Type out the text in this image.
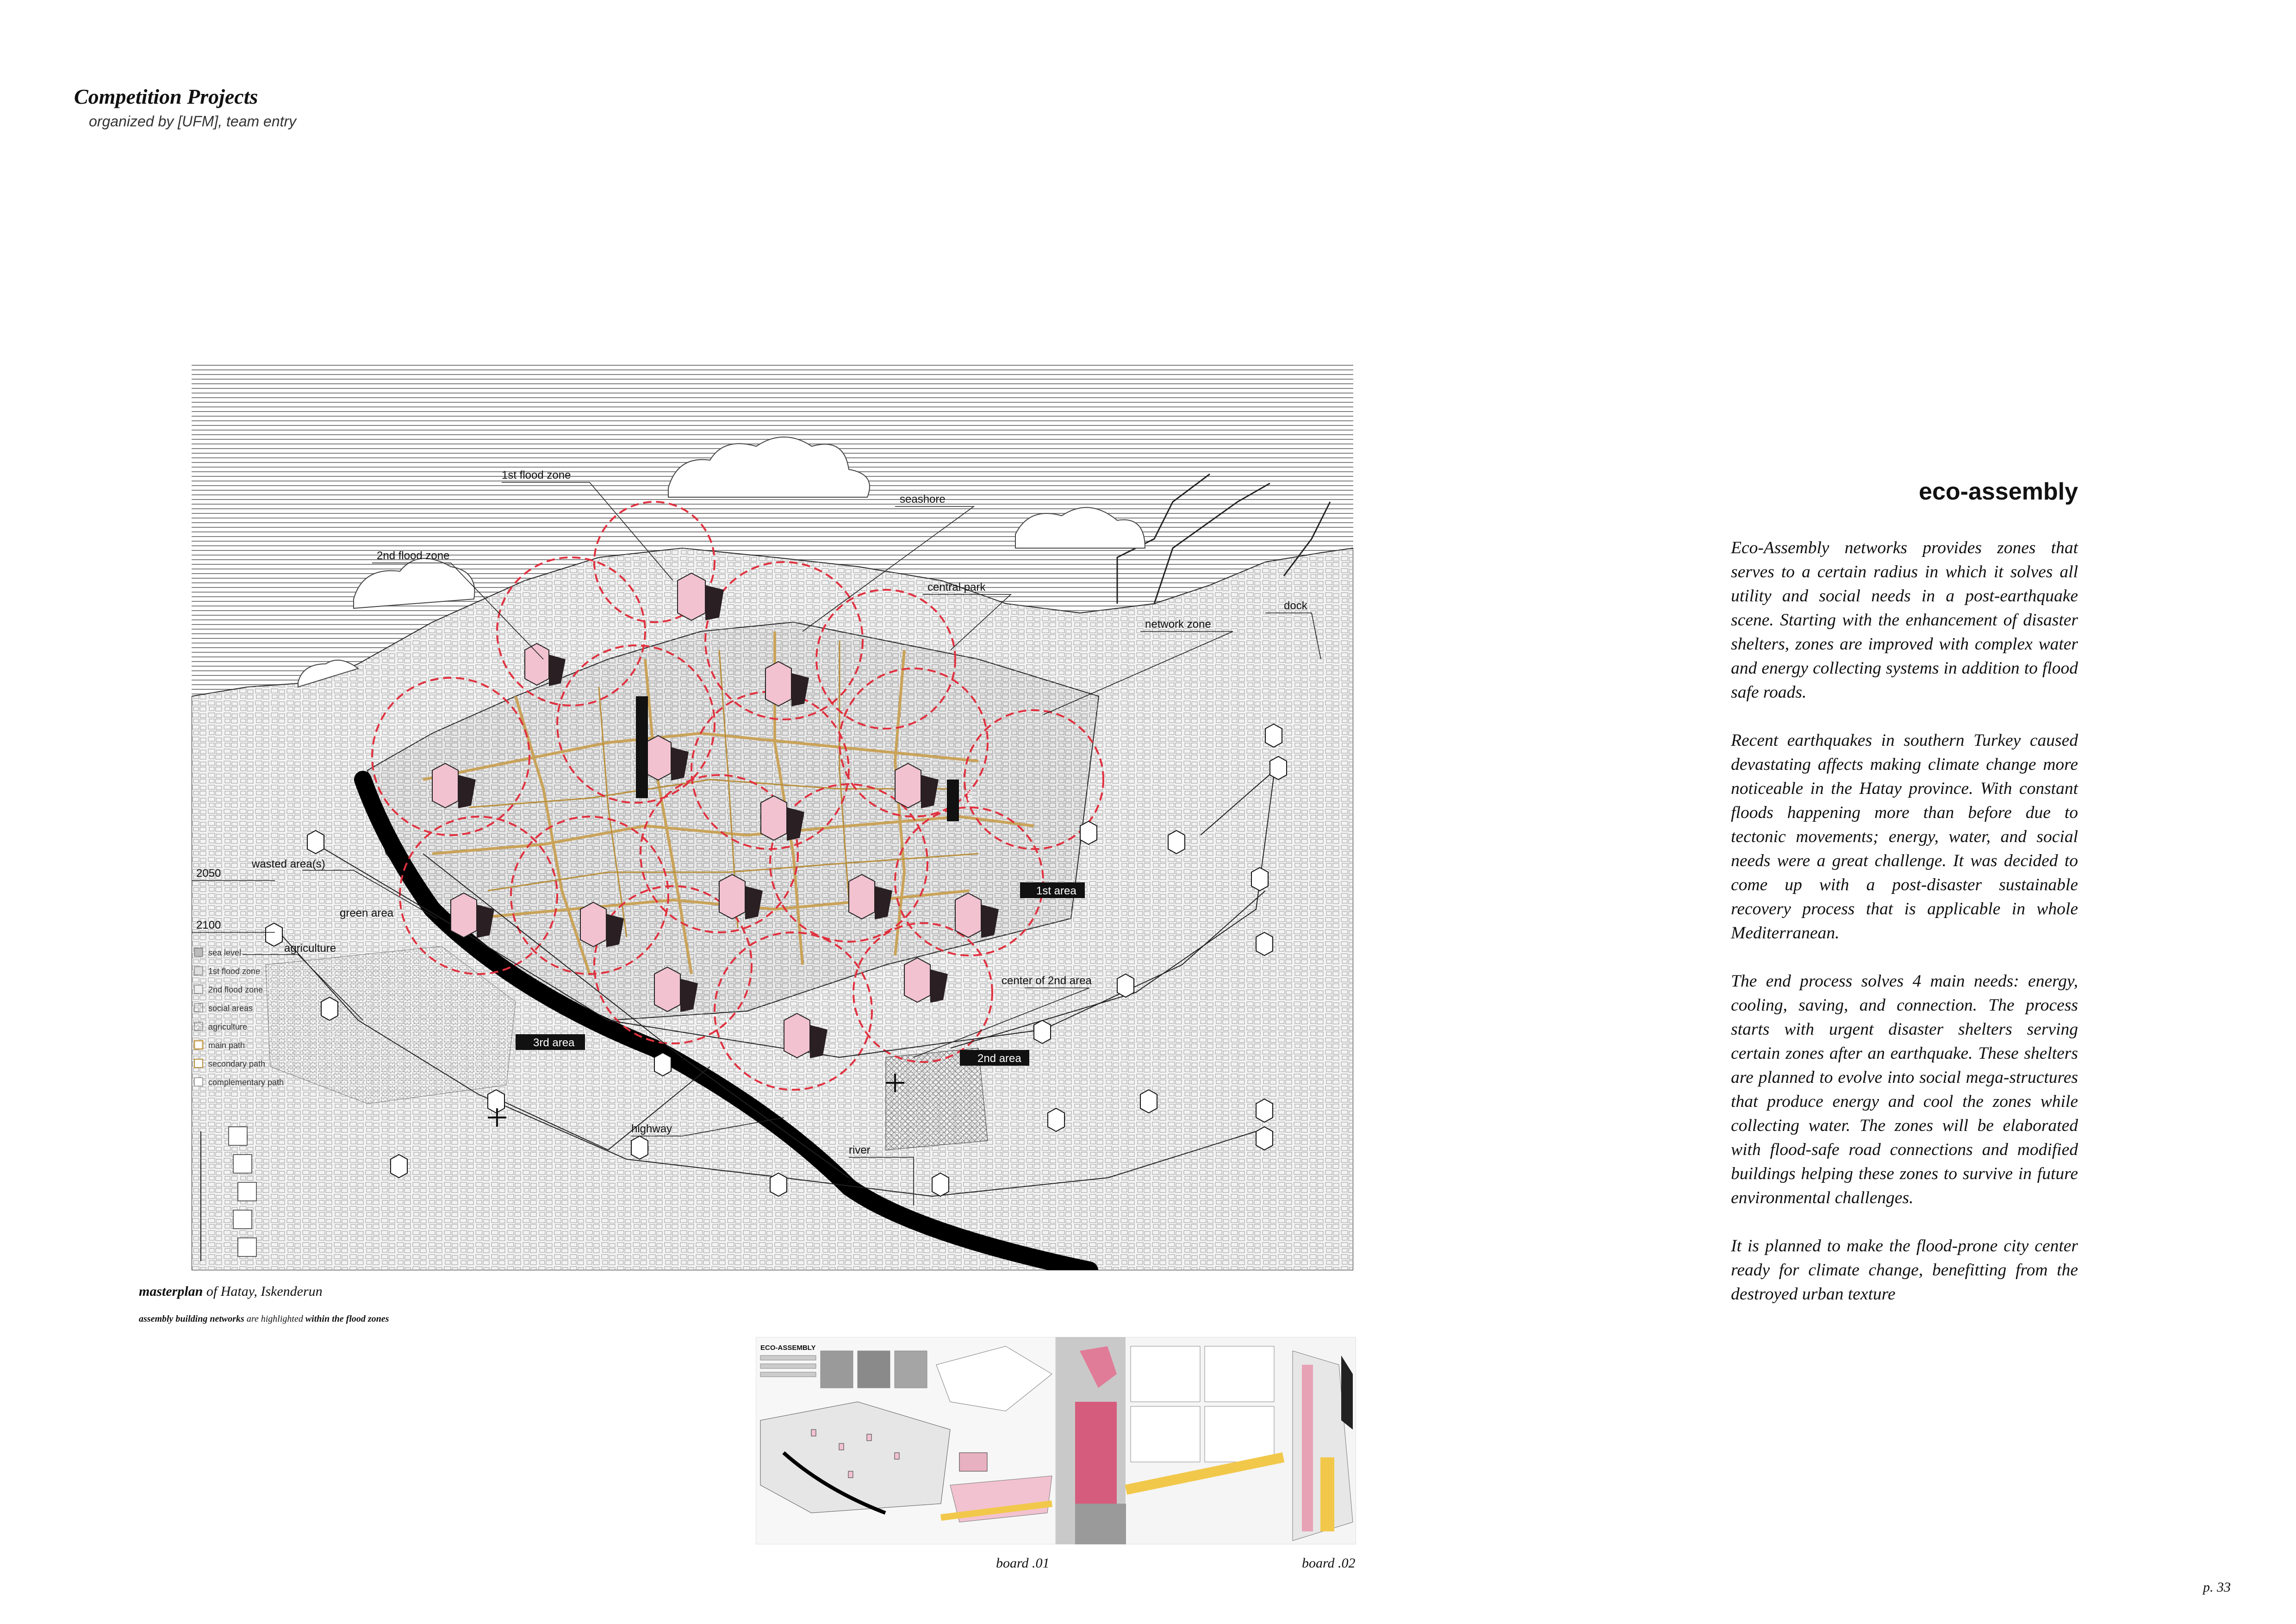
Competition Projects
organized by [UFM], team entry
1st flood zone
2nd flood zone
seashore
central park
network zone
dock
2050
wasted area(s)
2100
green area
agriculture
center of 2nd area
highway
river
1st area
2nd area
3rd area
park
sea level
1st flood zone
2nd flood zone
social areas
agriculture
main path
secondary path
complementary path
masterplan of Hatay, Iskenderun
assembly building networks are highlighted within the flood zones
ECO-ASSEMBLY
board .01	board .02
eco-assembly

Eco-Assembly networks provides zones that serves to a certain radius in which it solves all utility and social needs in a post-earthquake scene. Starting with the enhancement of disaster shelters, zones are improved with complex water and energy collecting systems in addition to flood safe roads.

Recent earthquakes in southern Turkey caused devastating affects making climate change more noticeable in the Hatay province. With constant floods happening more than before due to tectonic movements; energy, water, and social needs were a great challenge. It was decided to come up with a post-disaster sustainable recovery process that is applicable in whole Mediterranean.

The end process solves 4 main needs: energy, cooling, saving, and connection. The process starts with urgent disaster shelters serving certain zones after an earthquake. These shelters are planned to evolve into social mega-structures that produce energy and cool the zones while collecting water. The zones will be elaborated with flood-safe road connections and modified buildings helping these zones to survive in future environmental challenges.

It is planned to make the flood-prone city center ready for climate change, benefitting from the destroyed urban texture

p. 33
